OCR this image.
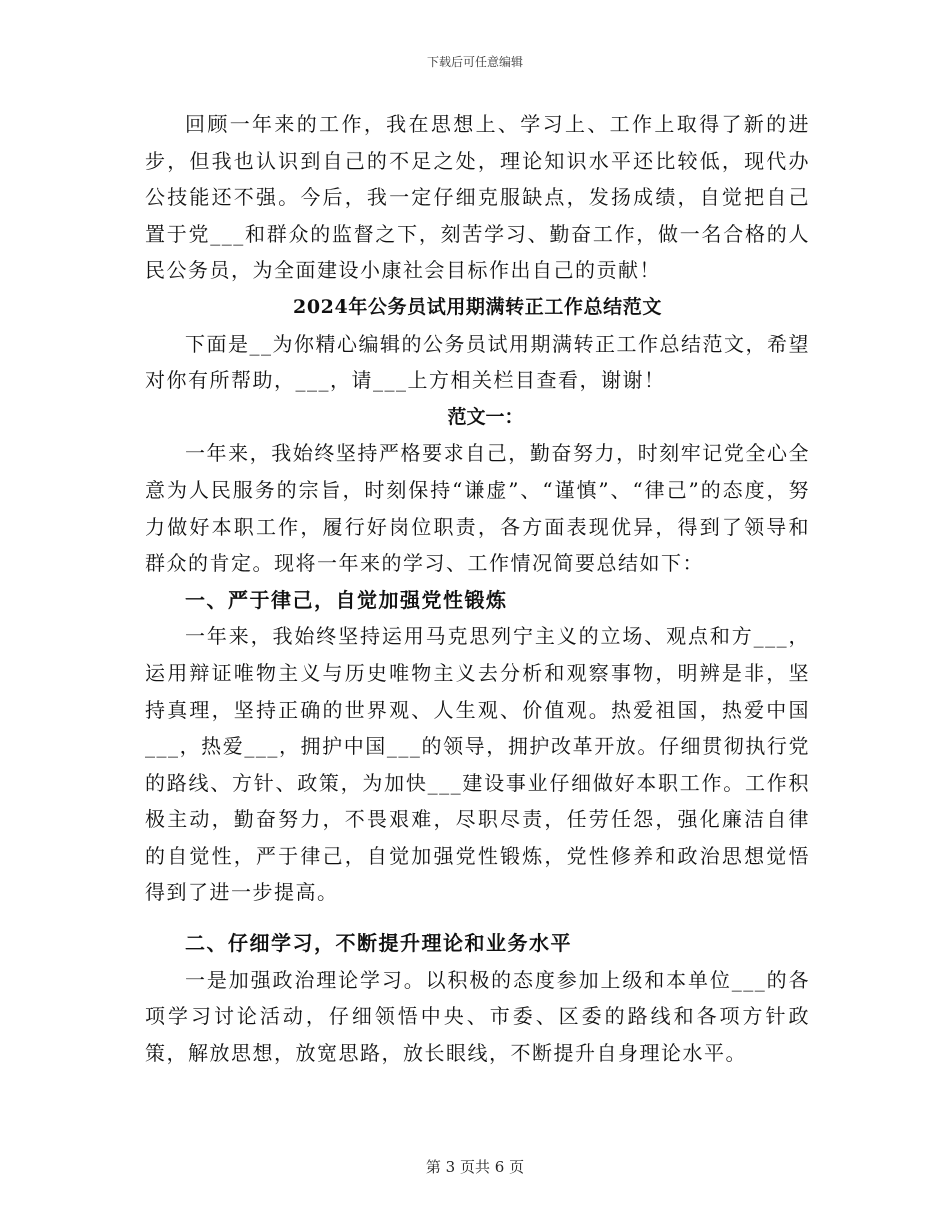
下载后可任意编辑

回顾一年来的工作，我在思想上、学习上、工作上取得了新的进步，但我也认识到自己的不足之处，理论知识水平还比较低，现代办公技能还不强。今后，我一定仔细克服缺点，发扬成绩，自觉把自己置于党___和群众的监督之下，刻苦学习、勤奋工作，做一名合格的人民公务员，为全面建设小康社会目标作出自己的贡献！

2024年公务员试用期满转正工作总结范文

下面是__为你精心编辑的公务员试用期满转正工作总结范文，希望对你有所帮助，___，请___上方相关栏目查看，谢谢！

范文一：

一年来，我始终坚持严格要求自己，勤奋努力，时刻牢记党全心全意为人民服务的宗旨，时刻保持“谦虚”、“谨慎”、“律己”的态度，努力做好本职工作，履行好岗位职责，各方面表现优异，得到了领导和群众的肯定。现将一年来的学习、工作情况简要总结如下：

一、严于律己，自觉加强党性锻炼

一年来，我始终坚持运用马克思列宁主义的立场、观点和方___，运用辩证唯物主义与历史唯物主义去分析和观察事物，明辨是非，坚持真理，坚持正确的世界观、人生观、价值观。热爱祖国，热爱中国___，热爱___，拥护中国___的领导，拥护改革开放。仔细贯彻执行党的路线、方针、政策，为加快___建设事业仔细做好本职工作。工作积极主动，勤奋努力，不畏艰难，尽职尽责，任劳任怨，强化廉洁自律的自觉性，严于律己，自觉加强党性锻炼，党性修养和政治思想觉悟得到了进一步提高。

二、仔细学习，不断提升理论和业务水平

一是加强政治理论学习。以积极的态度参加上级和本单位___的各项学习讨论活动，仔细领悟中央、市委、区委的路线和各项方针政策，解放思想，放宽思路，放长眼线，不断提升自身理论水平。

第 3 页共 6 页
